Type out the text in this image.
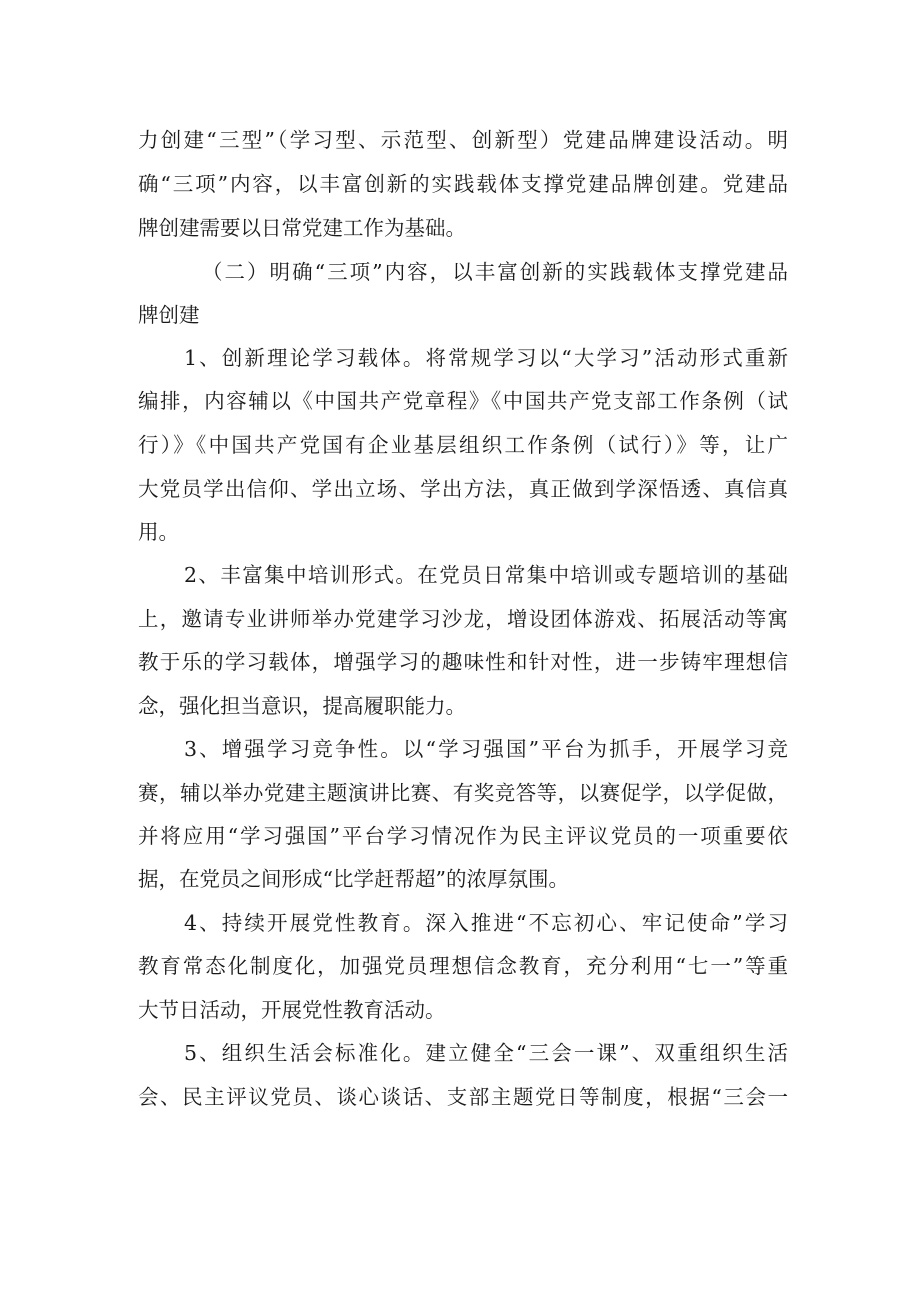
力创建“三型”（学习型、示范型、创新型）党建品牌建设活动。明
确“三项”内容，以丰富创新的实践载体支撑党建品牌创建。党建品
牌创建需要以日常党建工作为基础。
（二）明确“三项”内容，以丰富创新的实践载体支撑党建品
牌创建
1、创新理论学习载体。将常规学习以“大学习”活动形式重新
编排，内容辅以《中国共产党章程》《中国共产党支部工作条例（试
行）》《中国共产党国有企业基层组织工作条例（试行）》等，让广
大党员学出信仰、学出立场、学出方法，真正做到学深悟透、真信真
用。
2、丰富集中培训形式。在党员日常集中培训或专题培训的基础
上，邀请专业讲师举办党建学习沙龙，增设团体游戏、拓展活动等寓
教于乐的学习载体，增强学习的趣味性和针对性，进一步铸牢理想信
念，强化担当意识，提高履职能力。
3、增强学习竞争性。以“学习强国”平台为抓手，开展学习竞
赛，辅以举办党建主题演讲比赛、有奖竞答等，以赛促学，以学促做，
并将应用“学习强国”平台学习情况作为民主评议党员的一项重要依
据，在党员之间形成“比学赶帮超”的浓厚氛围。
4、持续开展党性教育。深入推进“不忘初心、牢记使命”学习
教育常态化制度化，加强党员理想信念教育，充分利用“七一”等重
大节日活动，开展党性教育活动。
5、组织生活会标准化。建立健全“三会一课”、双重组织生活
会、民主评议党员、谈心谈话、支部主题党日等制度，根据“三会一
